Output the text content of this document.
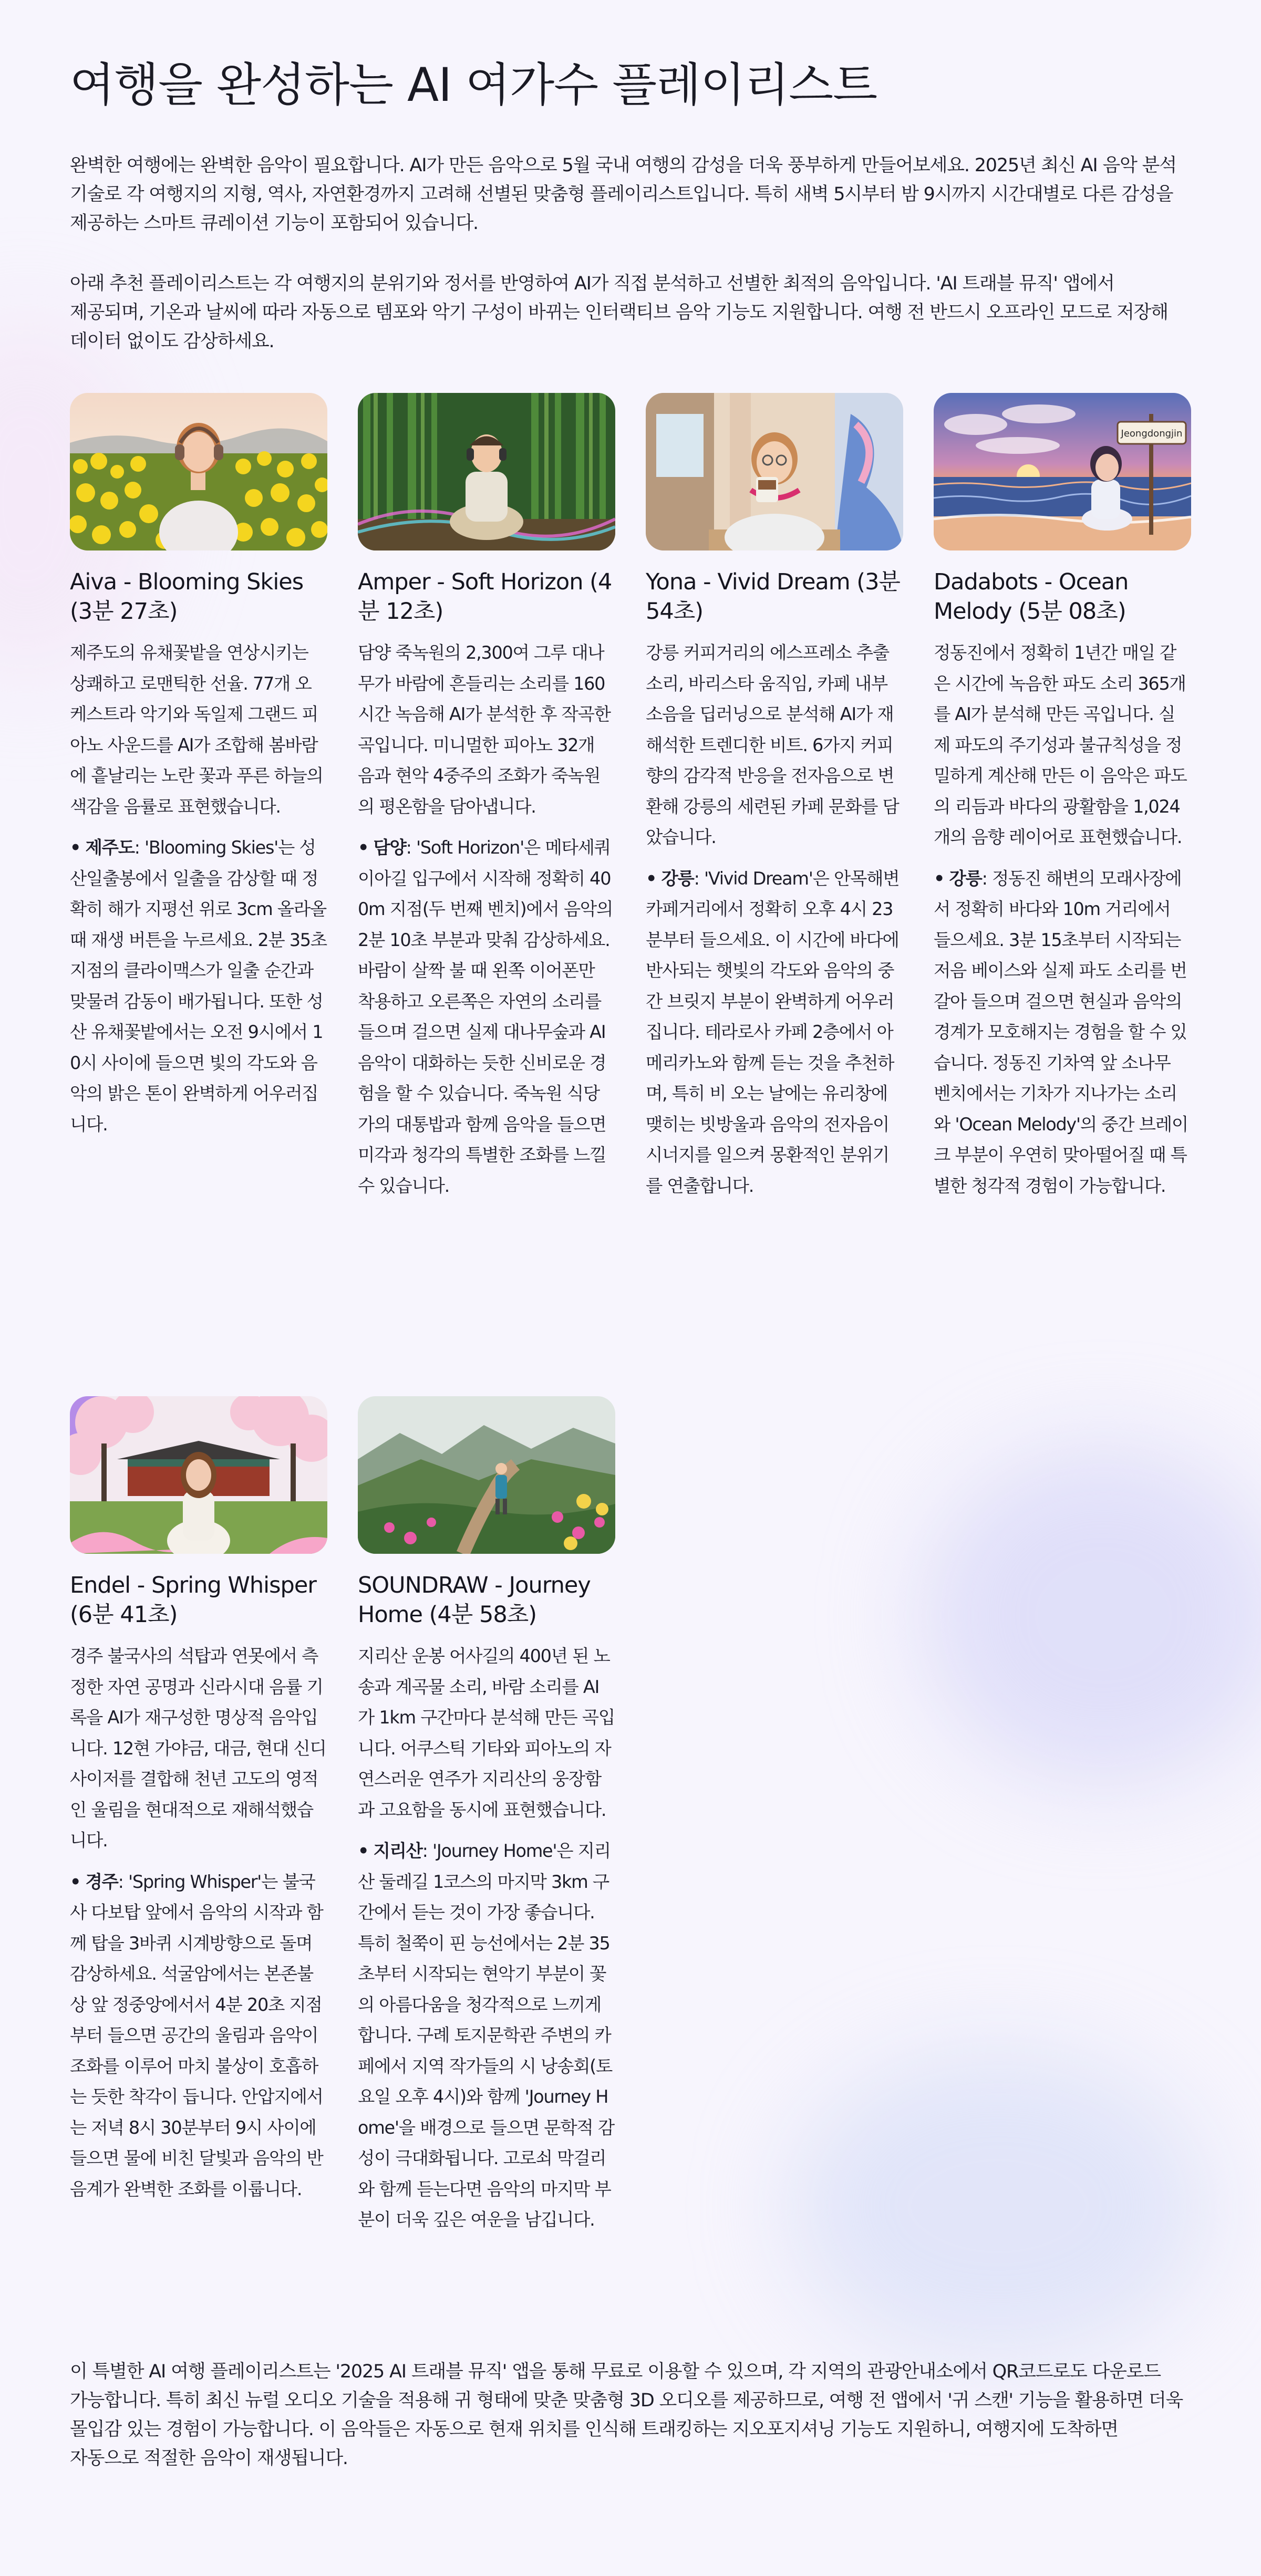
여행을 완성하는 AI 여가수 플레이리스트

완벽한 여행에는 완벽한 음악이 필요합니다. AI가 만든 음악으로 5월 국내 여행의 감성을 더욱 풍부하게 만들어보세요. 2025년 최신 AI 음악 분석 기술로 각 여행지의 지형, 역사, 자연환경까지 고려해 선별된 맞춤형 플레이리스트입니다. 특히 새벽 5시부터 밤 9시까지 시간대별로 다른 감성을 제공하는 스마트 큐레이션 기능이 포함되어 있습니다.

아래 추천 플레이리스트는 각 여행지의 분위기와 정서를 반영하여 AI가 직접 분석하고 선별한 최적의 음악입니다. 'AI 트래블 뮤직' 앱에서 제공되며, 기온과 날씨에 따라 자동으로 템포와 악기 구성이 바뀌는 인터랙티브 음악 기능도 지원합니다. 여행 전 반드시 오프라인 모드로 저장해 데이터 없이도 감상하세요.

Aiva - Blooming Skies (3분 27초)

제주도의 유채꽃밭을 연상시키는 상쾌하고 로맨틱한 선율. 77개 오케스트라 악기와 독일제 그랜드 피아노 사운드를 AI가 조합해 봄바람에 흩날리는 노란 꽃과 푸른 하늘의 색감을 음률로 표현했습니다.

• 제주도: 'Blooming Skies'는 성산일출봉에서 일출을 감상할 때 정확히 해가 지평선 위로 3cm 올라올 때 재생 버튼을 누르세요. 2분 35초 지점의 클라이맥스가 일출 순간과 맞물려 감동이 배가됩니다. 또한 성산 유채꽃밭에서는 오전 9시에서 10시 사이에 들으면 빛의 각도와 음악의 밝은 톤이 완벽하게 어우러집니다.

Amper - Soft Horizon (4분 12초)

담양 죽녹원의 2,300여 그루 대나무가 바람에 흔들리는 소리를 160시간 녹음해 AI가 분석한 후 작곡한 곡입니다. 미니멀한 피아노 32개 음과 현악 4중주의 조화가 죽녹원의 평온함을 담아냅니다.

• 담양: 'Soft Horizon'은 메타세쿼이아길 입구에서 시작해 정확히 400m 지점(두 번째 벤치)에서 음악의 2분 10초 부분과 맞춰 감상하세요. 바람이 살짝 불 때 왼쪽 이어폰만 착용하고 오른쪽은 자연의 소리를 들으며 걸으면 실제 대나무숲과 AI 음악이 대화하는 듯한 신비로운 경험을 할 수 있습니다. 죽녹원 식당가의 대통밥과 함께 음악을 들으면 미각과 청각의 특별한 조화를 느낄 수 있습니다.

Yona - Vivid Dream (3분 54초)

강릉 커피거리의 에스프레소 추출 소리, 바리스타 움직임, 카페 내부 소음을 딥러닝으로 분석해 AI가 재해석한 트렌디한 비트. 6가지 커피 향의 감각적 반응을 전자음으로 변환해 강릉의 세련된 카페 문화를 담았습니다.

• 강릉: 'Vivid Dream'은 안목해변 카페거리에서 정확히 오후 4시 23분부터 들으세요. 이 시간에 바다에 반사되는 햇빛의 각도와 음악의 중간 브릿지 부분이 완벽하게 어우러집니다. 테라로사 카페 2층에서 아메리카노와 함께 듣는 것을 추천하며, 특히 비 오는 날에는 유리창에 맺히는 빗방울과 음악의 전자음이 시너지를 일으켜 몽환적인 분위기를 연출합니다.

Jeongdongjin
Dadabots - Ocean Melody (5분 08초)

정동진에서 정확히 1년간 매일 같은 시간에 녹음한 파도 소리 365개를 AI가 분석해 만든 곡입니다. 실제 파도의 주기성과 불규칙성을 정밀하게 계산해 만든 이 음악은 파도의 리듬과 바다의 광활함을 1,024개의 음향 레이어로 표현했습니다.

• 강릉: 정동진 해변의 모래사장에서 정확히 바다와 10m 거리에서 들으세요. 3분 15초부터 시작되는 저음 베이스와 실제 파도 소리를 번갈아 들으며 걸으면 현실과 음악의 경계가 모호해지는 경험을 할 수 있습니다. 정동진 기차역 앞 소나무 벤치에서는 기차가 지나가는 소리와 'Ocean Melody'의 중간 브레이크 부분이 우연히 맞아떨어질 때 특별한 청각적 경험이 가능합니다.

Endel - Spring Whisper (6분 41초)

경주 불국사의 석탑과 연못에서 측정한 자연 공명과 신라시대 음률 기록을 AI가 재구성한 명상적 음악입니다. 12현 가야금, 대금, 현대 신디사이저를 결합해 천년 고도의 영적인 울림을 현대적으로 재해석했습니다.

• 경주: 'Spring Whisper'는 불국사 다보탑 앞에서 음악의 시작과 함께 탑을 3바퀴 시계방향으로 돌며 감상하세요. 석굴암에서는 본존불상 앞 정중앙에서서 4분 20초 지점부터 들으면 공간의 울림과 음악이 조화를 이루어 마치 불상이 호흡하는 듯한 착각이 듭니다. 안압지에서는 저녁 8시 30분부터 9시 사이에 들으면 물에 비친 달빛과 음악의 반음계가 완벽한 조화를 이룹니다.

SOUNDRAW - Journey Home (4분 58초)

지리산 운봉 어사길의 400년 된 노송과 계곡물 소리, 바람 소리를 AI가 1km 구간마다 분석해 만든 곡입니다. 어쿠스틱 기타와 피아노의 자연스러운 연주가 지리산의 웅장함과 고요함을 동시에 표현했습니다.

• 지리산: 'Journey Home'은 지리산 둘레길 1코스의 마지막 3km 구간에서 듣는 것이 가장 좋습니다. 특히 철쭉이 핀 능선에서는 2분 35초부터 시작되는 현악기 부분이 꽃의 아름다움을 청각적으로 느끼게 합니다. 구례 토지문학관 주변의 카페에서 지역 작가들의 시 낭송회(토요일 오후 4시)와 함께 'Journey Home'을 배경으로 들으면 문학적 감성이 극대화됩니다. 고로쇠 막걸리와 함께 듣는다면 음악의 마지막 부분이 더욱 깊은 여운을 남깁니다.

이 특별한 AI 여행 플레이리스트는 '2025 AI 트래블 뮤직' 앱을 통해 무료로 이용할 수 있으며, 각 지역의 관광안내소에서 QR코드로도 다운로드 가능합니다. 특히 최신 뉴럴 오디오 기술을 적용해 귀 형태에 맞춘 맞춤형 3D 오디오를 제공하므로, 여행 전 앱에서 '귀 스캔' 기능을 활용하면 더욱 몰입감 있는 경험이 가능합니다. 이 음악들은 자동으로 현재 위치를 인식해 트래킹하는 지오포지셔닝 기능도 지원하니, 여행지에 도착하면 자동으로 적절한 음악이 재생됩니다.
